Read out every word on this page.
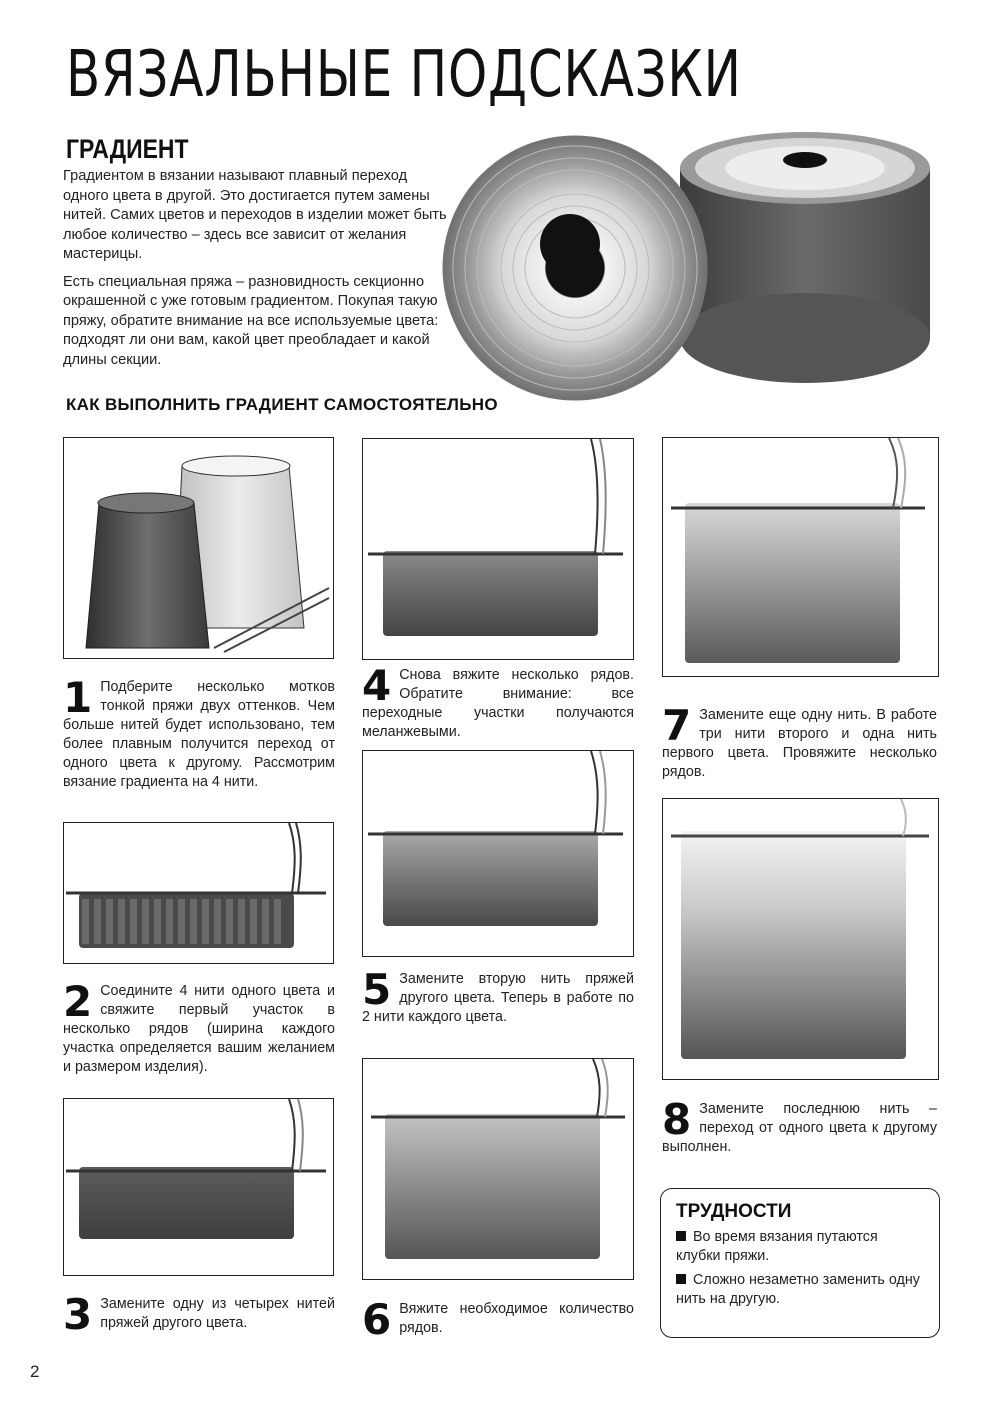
ВЯЗАЛЬНЫЕ ПОДСКАЗКИ
ГРАДИЕНТ

Градиентом в вязании называют плавный переход одного цвета в другой. Это достигается путем замены нитей. Самих цветов и переходов в изделии может быть любое количество – здесь все зависит от желания мастерицы.

Есть специальная пряжа – разновидность секционно окрашенной с уже готовым градиентом. Покупая такую пряжу, обратите внимание на все используемые цвета: подходят ли они вам, какой цвет преобладает и какой длины секции.

КАК ВЫПОЛНИТЬ ГРАДИЕНТ САМОСТОЯТЕЛЬНО
1 Подберите несколько мотков тонкой пряжи двух оттенков. Чем больше нитей будет использовано, тем более плавным получится переход от одного цвета к другому. Рассмотрим вязание градиента на 4 нити.
2 Соедините 4 нити одного цвета и свяжите первый участок в несколько рядов (ширина каждого участка определяется вашим желанием и размером изделия).
3 Замените одну из четырех нитей пряжей другого цвета.
4 Снова вяжите несколько рядов. Обратите внимание: все переходные участки получаются меланжевыми.
5 Замените вторую нить пряжей другого цвета. Теперь в работе по 2 нити каждого цвета.
6 Вяжите необходимое количество рядов.
7 Замените еще одну нить. В работе три нити второго и одна нить первого цвета. Провяжите несколько рядов.
8 Замените последнюю нить – переход от одного цвета к другому выполнен.
ТРУДНОСТИ
Во время вязания путаются клубки пряжи.
Сложно незаметно заменить одну нить на другую.
2
